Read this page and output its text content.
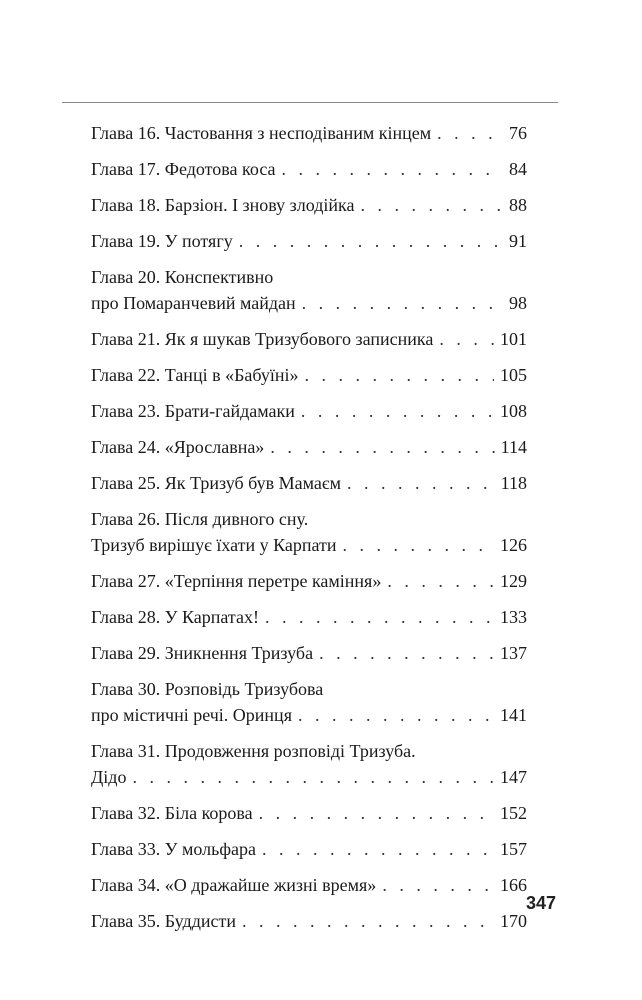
Глава 16. Частовання з несподіваним кінцем . . .	76
Глава 17. Федотова коса . . .	84
Глава 18. Барзіон. І знову злодійка . . .	88
Глава 19. У потягу . . .	91
Глава 20. Конспективно
про Помаранчевий майдан . . .	98
Глава 21. Як я шукав Тризубового записника . . .	101
Глава 22. Танці в «Бабуїні» . . .	105
Глава 23. Брати-гайдамаки . . .	108
Глава 24. «Ярославна» . . .	114
Глава 25. Як Тризуб був Мамаєм . . .	118
Глава 26. Після дивного сну.
Тризуб вирішує їхати у Карпати . . .	126
Глава 27. «Терпіння перетре каміння» . . .	129
Глава 28. У Карпатах! . . .	133
Глава 29. Зникнення Тризуба . . .	137
Глава 30. Розповідь Тризубова
про містичні речі. Оринця . . .	141
Глава 31. Продовження розповіді Тризуба.
Дідо . . .	147
Глава 32. Біла корова . . .	152
Глава 33. У мольфара . . .	157
Глава 34. «О дражайше жизні время» . . .	166
Глава 35. Буддисти . . .	170
347
